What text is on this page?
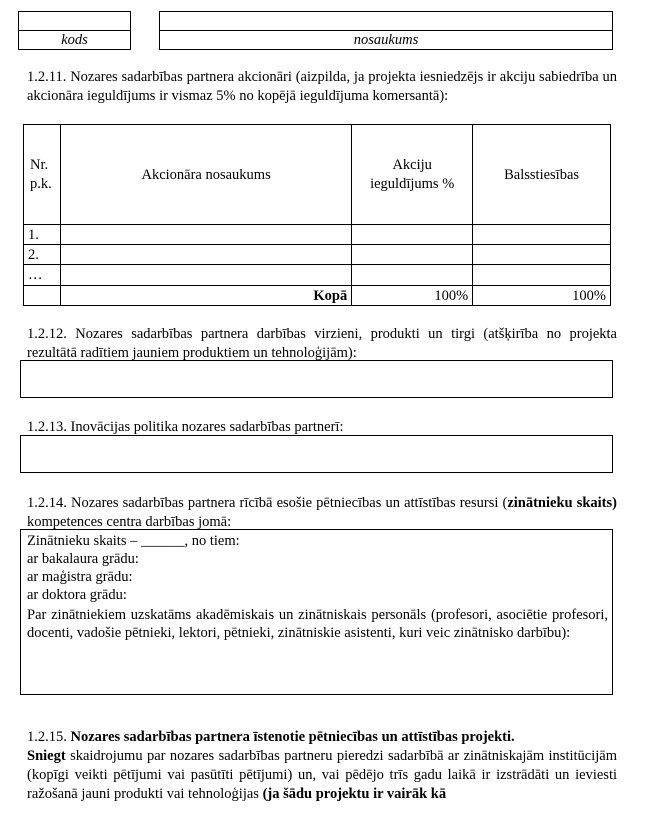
kods	nosaukums
1.2.11. Nozares sadarbības partnera akcionāri (aizpilda, ja projekta iesniedzējs ir akciju sabiedrība un akcionāra ieguldījums ir vismaz 5% no kopējā ieguldījuma komersantā):
Nr. p.k.	Akcionāra nosaukums	Akciju ieguldījums %	Balsstiesības
1.			
2.			
…			
	Kopā	100%	100%
1.2.12. Nozares sadarbības partnera darbības virzieni, produkti un tirgi (atšķirība no projekta rezultātā radītiem jauniem produktiem un tehnoloģijām):
1.2.13. Inovācijas politika nozares sadarbības partnerī:
1.2.14. Nozares sadarbības partnera rīcībā esošie pētniecības un attīstības resursi (zinātnieku skaits) kompetences centra darbības jomā:
Zinātnieku skaits – ______, no tiem:
ar bakalaura grādu:
ar maģistra grādu:
ar doktora grādu:
Par zinātniekiem uzskatāms akadēmiskais un zinātniskais personāls (profesori, asociētie profesori, docenti, vadošie pētnieki, lektori, pētnieki, zinātniskie asistenti, kuri veic zinātnisko darbību):
1.2.15. Nozares sadarbības partnera īstenotie pētniecības un attīstības projekti.
Sniegt skaidrojumu par nozares sadarbības partneru pieredzi sadarbībā ar zinātniskajām institūcijām (kopīgi veikti pētījumi vai pasūtīti pētījumi) un, vai pēdējo trīs gadu laikā ir izstrādāti un ieviesti ražošanā jauni produkti vai tehnoloģijas (ja šādu projektu ir vairāk kā
